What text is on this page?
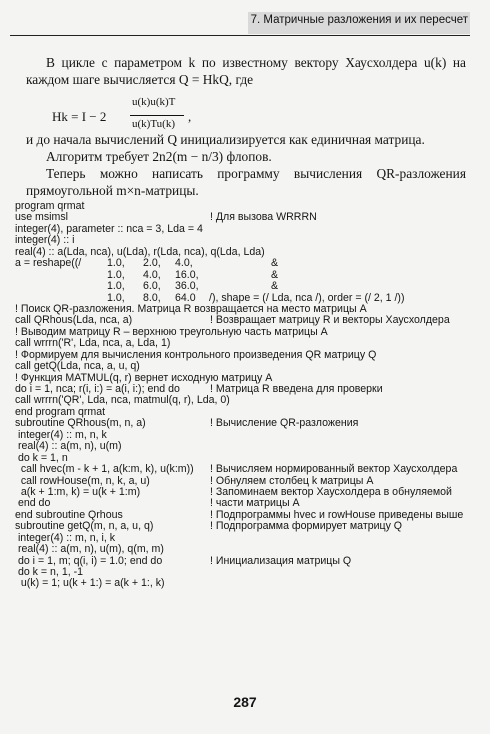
7. Матричные разложения и их пересчет
В цикле с параметром k по известному вектору Хаусхолдера u(k) на каждом шаге вычисляется Q = HkQ, где
Hk = I − 2
u(k)u(k)T
u(k)Tu(k) ,
и до начала вычислений Q инициализируется как единичная матрица.
Алгоритм требует 2n2(m − n/3) флопов.
Теперь можно написать программу вычисления QR-разложения прямоугольной m×n-матрицы.
program qrmat
use msimsl	! Для вызова WRRRN
integer(4), parameter :: nca = 3, Lda = 4
integer(4) :: i
real(4) :: a(Lda, nca), u(Lda), r(Lda, nca), q(Lda, Lda)
a = reshape((/ 1.0, 2.0, 4.0,	&
1.0, 4.0, 16.0,	&
1.0, 6.0, 36.0,	&
1.0, 8.0, 64.0 /), shape = (/ Lda, nca /), order = (/ 2, 1 /))
! Поиск QR-разложения. Матрица R возвращается на место матрицы A
call QRhous(Lda, nca, a)	! Возвращает матрицу R и векторы Хаусхолдера
! Выводим матрицу R – верхнюю треугольную часть матрицы A
call wrrrn('R', Lda, nca, a, Lda, 1)
! Формируем для вычисления контрольного произведения QR матрицу Q
call getQ(Lda, nca, a, u, q)
! Функция MATMUL(q, r) вернет исходную матрицу A
do i = 1, nca; r(i, i:) = a(i, i:); end do	! Матрица R введена для проверки
call wrrrn('QR', Lda, nca, matmul(q, r), Lda, 0)
end program qrmat
subroutine QRhous(m, n, a)	! Вычисление QR-разложения
integer(4) :: m, n, k
real(4) :: a(m, n), u(m)
do k = 1, n
call hvec(m - k + 1, a(k:m, k), u(k:m)) ! Вычисляем нормированный вектор Хаусхолдера
call rowHouse(m, n, k, a, u)	! Обнуляем столбец k матрицы A
a(k + 1:m, k) = u(k + 1:m)	! Запоминаем вектор Хаусхолдера в обнуляемой
end do	! части матрицы A
end subroutine Qrhous	! Подпрограммы hvec и rowHouse приведены выше
subroutine getQ(m, n, a, u, q)	! Подпрограмма формирует матрицу Q
integer(4) :: m, n, i, k
real(4) :: a(m, n), u(m), q(m, m)
do i = 1, m; q(i, i) = 1.0; end do	! Инициализация матрицы Q
do k = n, 1, -1
u(k) = 1; u(k + 1:) = a(k + 1:, k)
287
